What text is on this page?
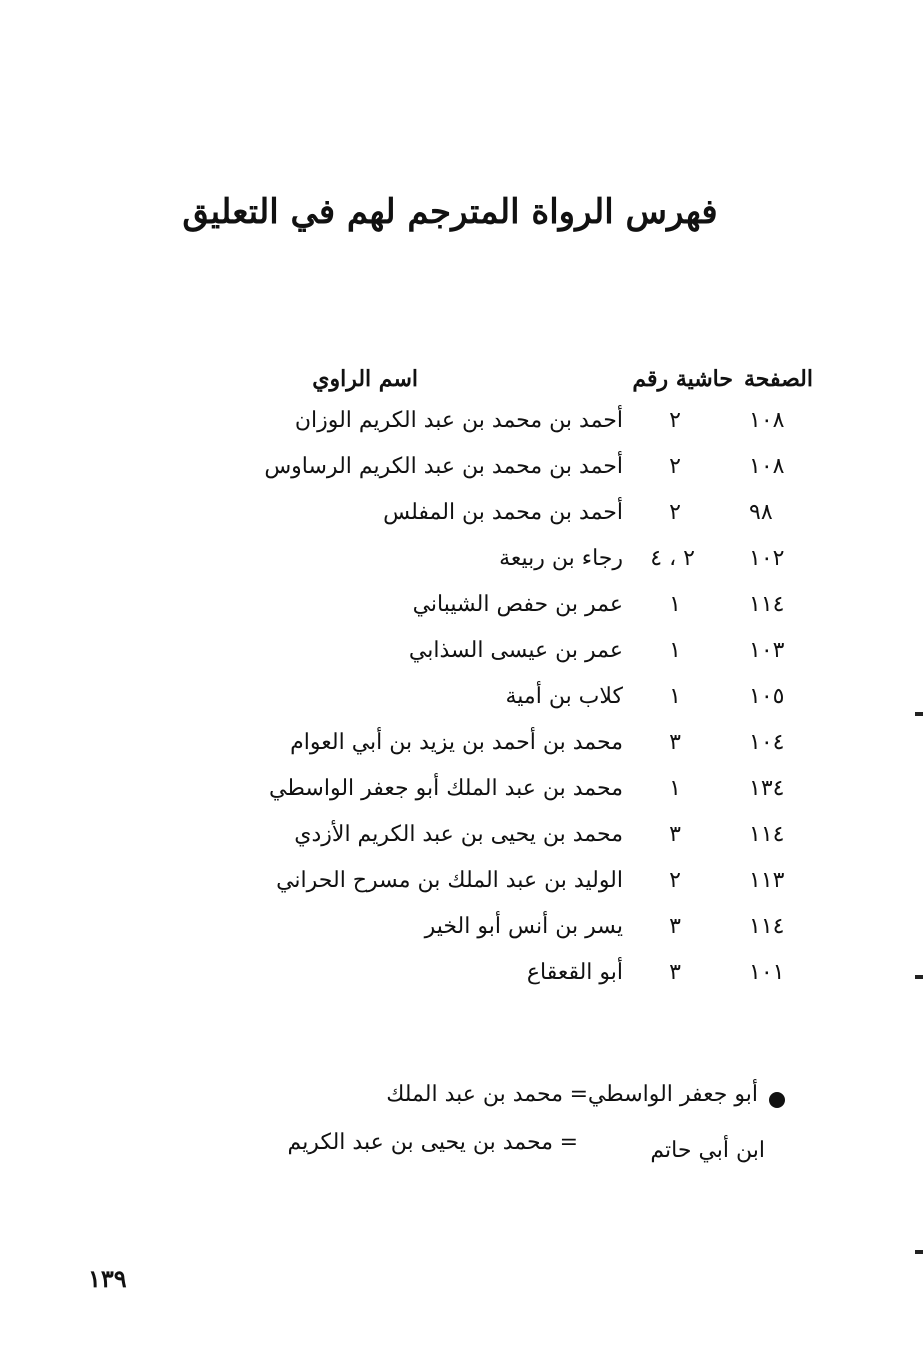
فهرس الرواة المترجم لهم في التعليق
الصفحة
حاشية رقم
اسم الراوي
١٠٨
٢
أحمد بن محمد بن عبد الكريم الوزان
١٠٨
٢
أحمد بن محمد بن عبد الكريم الرساوس
٩٨
٢
أحمد بن محمد بن المفلس
١٠٢
٢ ، ٤
رجاء بن ربيعة
١١٤
١
عمر بن حفص الشيباني
١٠٣
١
عمر بن عيسى السذابي
١٠٥
١
كلاب بن أمية
١٠٤
٣
محمد بن أحمد بن يزيد بن أبي العوام
١٣٤
١
محمد بن عبد الملك أبو جعفر الواسطي
١١٤
٣
محمد بن يحيى بن عبد الكريم الأزدي
١١٣
٢
الوليد بن عبد الملك بن مسرح الحراني
١١٤
٣
يسر بن أنس أبو الخير
١٠١
٣
أبو القعقاع
أبو جعفر الواسطي
=
محمد بن عبد الملك
ابن أبي حاتم
=
محمد بن يحيى بن عبد الكريم
١٣٩
